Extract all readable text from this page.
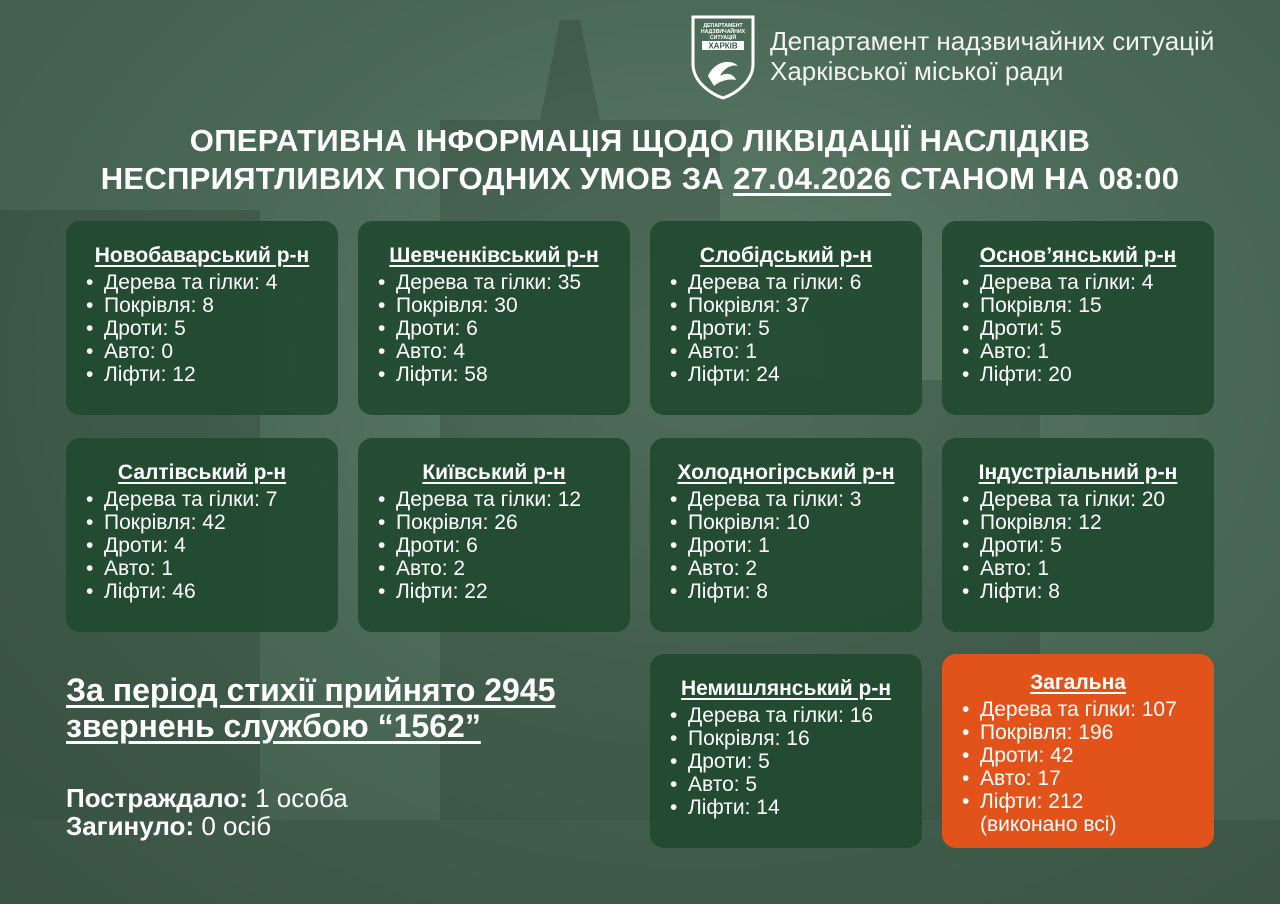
ДЕПАРТАМЕНТ
НАДЗВИЧАЙНИХ
СИТУАЦІЙ
ХАРКІВ Департамент надзвичайних ситуацій
Харківської міської ради
ОПЕРАТИВНА ІНФОРМАЦІЯ ЩОДО ЛІКВІДАЦІЇ НАСЛІДКІВ
НЕСПРИЯТЛИВИХ ПОГОДНИХ УМОВ ЗА 27.04.2026 СТАНОМ НА 08:00
Новобаварський р-н
• Дерева та гілки: 4
• Покрівля: 8
• Дроти: 5
• Авто: 0
• Ліфти: 12
Шевченківський р-н
• Дерева та гілки: 35
• Покрівля: 30
• Дроти: 6
• Авто: 4
• Ліфти: 58
Слобідський р-н
• Дерева та гілки: 6
• Покрівля: 37
• Дроти: 5
• Авто: 1
• Ліфти: 24
Основ’янський р-н
• Дерева та гілки: 4
• Покрівля: 15
• Дроти: 5
• Авто: 1
• Ліфти: 20
Салтівський р-н
• Дерева та гілки: 7
• Покрівля: 42
• Дроти: 4
• Авто: 1
• Ліфти: 46
Київський р-н
• Дерева та гілки: 12
• Покрівля: 26
• Дроти: 6
• Авто: 2
• Ліфти: 22
Холодногірський р-н
• Дерева та гілки: 3
• Покрівля: 10
• Дроти: 1
• Авто: 2
• Ліфти: 8
Індустріальний р-н
• Дерева та гілки: 20
• Покрівля: 12
• Дроти: 5
• Авто: 1
• Ліфти: 8
Немишлянський р-н
• Дерева та гілки: 16
• Покрівля: 16
• Дроти: 5
• Авто: 5
• Ліфти: 14
Загальна
• Дерева та гілки: 107
• Покрівля: 196
• Дроти: 42
• Авто: 17
• Ліфти: 212
(виконано всі)
За період стихії прийнято 2945
звернень службою “1562”
Постраждало: 1 особа
Загинуло: 0 осіб
